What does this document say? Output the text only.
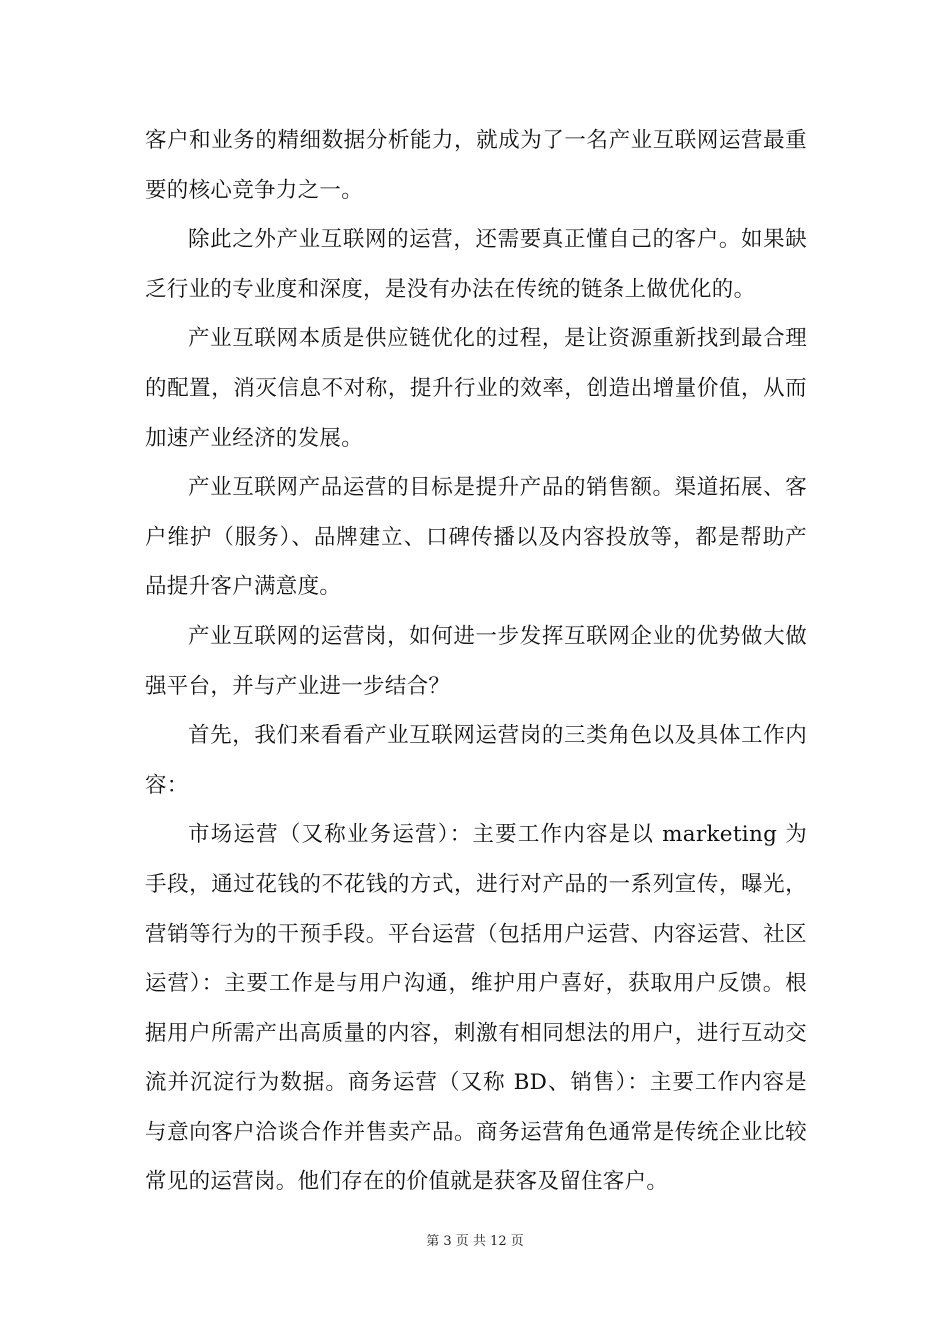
客户和业务的精细数据分析能力，就成为了一名产业互联网运营最重要的核心竞争力之一。

除此之外产业互联网的运营，还需要真正懂自己的客户。如果缺乏行业的专业度和深度，是没有办法在传统的链条上做优化的。

产业互联网本质是供应链优化的过程，是让资源重新找到最合理的配置，消灭信息不对称，提升行业的效率，创造出增量价值，从而加速产业经济的发展。

产业互联网产品运营的目标是提升产品的销售额。渠道拓展、客户维护（服务）、品牌建立、口碑传播以及内容投放等，都是帮助产品提升客户满意度。

产业互联网的运营岗，如何进一步发挥互联网企业的优势做大做强平台，并与产业进一步结合？

首先，我们来看看产业互联网运营岗的三类角色以及具体工作内容：

市场运营（又称业务运营）：主要工作内容是以 marketing 为手段，通过花钱的不花钱的方式，进行对产品的一系列宣传，曝光，营销等行为的干预手段。平台运营（包括用户运营、内容运营、社区运营）：主要工作是与用户沟通，维护用户喜好，获取用户反馈。根据用户所需产出高质量的内容，刺激有相同想法的用户，进行互动交流并沉淀行为数据。商务运营（又称 BD、销售）：主要工作内容是与意向客户洽谈合作并售卖产品。商务运营角色通常是传统企业比较常见的运营岗。他们存在的价值就是获客及留住客户。

第 3 页 共 12 页
